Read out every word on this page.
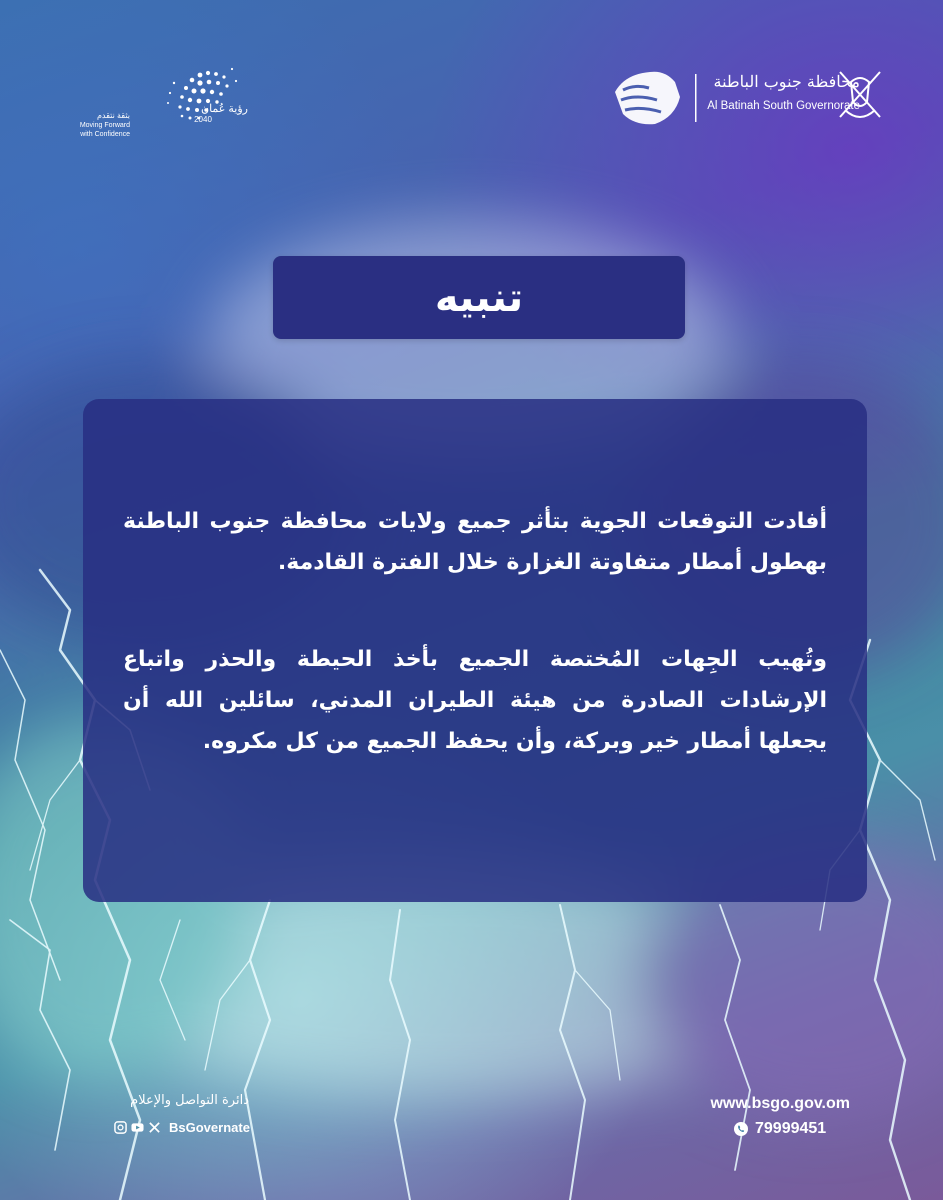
رؤية عُمان
2040
بثقة نتقدم
Moving Forward
with Confidence
محافظة جنوب الباطنة
Al Batinah South Governorate
تنبيه
أفادت التوقعات الجوية بتأثر جميع ولايات محافظة جنوب الباطنة بهطول أمطار متفاوتة الغزارة خلال الفترة القادمة.
وتُهيب الجِهات المُختصة الجميع بأخذ الحيطة والحذر واتباع الإرشادات الصادرة من هيئة الطيران المدني، سائلين الله أن يجعلها أمطار خير وبركة، وأن يحفظ الجميع من كل مكروه.
دائرة التواصل والإعلام
BsGovernate
www.bsgo.gov.om
79999451
